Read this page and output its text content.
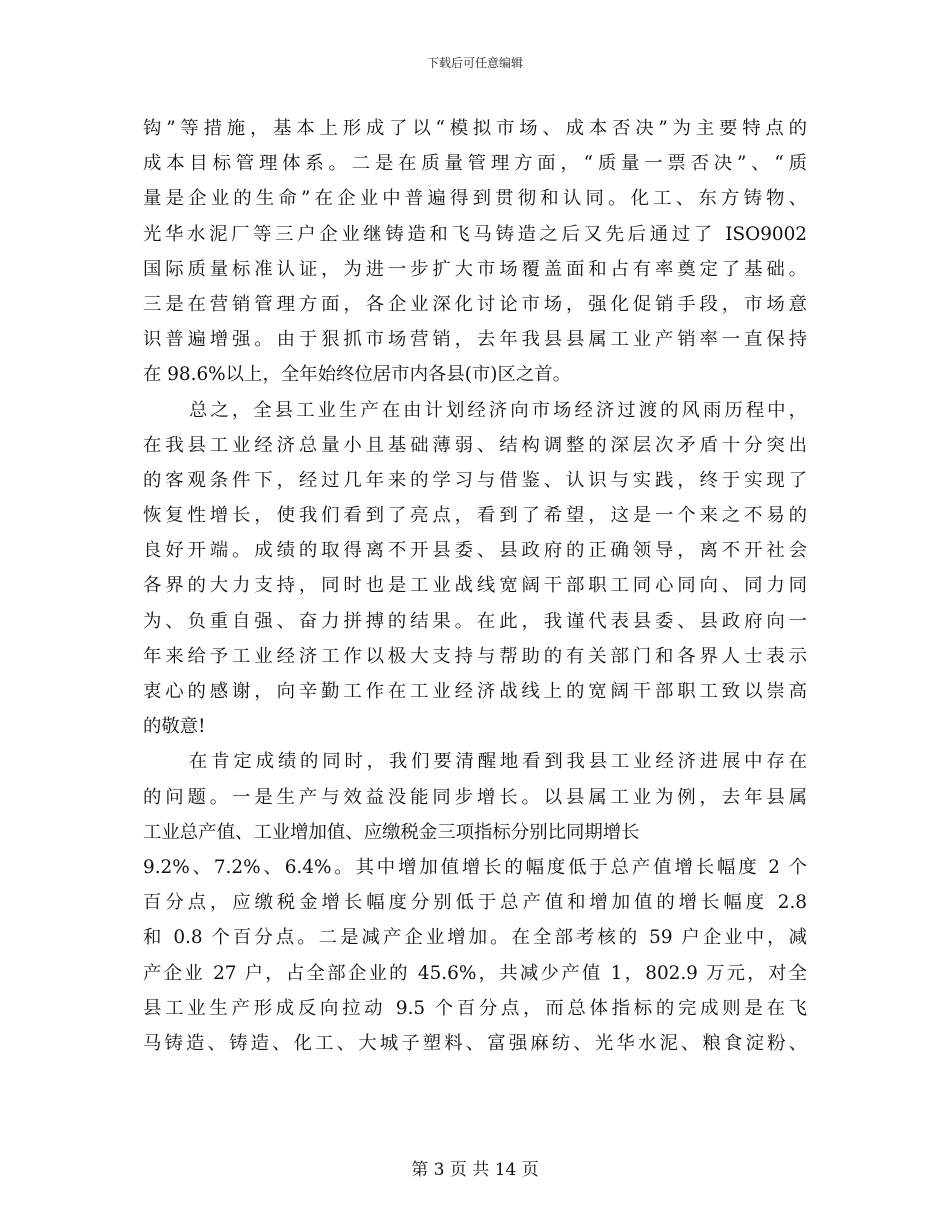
下载后可任意编辑
钩”等措施，基本上形成了以“模拟市场、成本否决”为主要特点的
成本目标管理体系。二是在质量管理方面，“质量一票否决”、“质
量是企业的生命”在企业中普遍得到贯彻和认同。化工、东方铸物、
光华水泥厂等三户企业继铸造和飞马铸造之后又先后通过了 ISO9002
国际质量标准认证，为进一步扩大市场覆盖面和占有率奠定了基础。
三是在营销管理方面，各企业深化讨论市场，强化促销手段，市场意
识普遍增强。由于狠抓市场营销，去年我县县属工业产销率一直保持
在 98.6%以上，全年始终位居市内各县(市)区之首。
总之，全县工业生产在由计划经济向市场经济过渡的风雨历程中，
在我县工业经济总量小且基础薄弱、结构调整的深层次矛盾十分突出
的客观条件下，经过几年来的学习与借鉴、认识与实践，终于实现了
恢复性增长，使我们看到了亮点，看到了希望，这是一个来之不易的
良好开端。成绩的取得离不开县委、县政府的正确领导，离不开社会
各界的大力支持，同时也是工业战线宽阔干部职工同心同向、同力同
为、负重自强、奋力拼搏的结果。在此，我谨代表县委、县政府向一
年来给予工业经济工作以极大支持与帮助的有关部门和各界人士表示
衷心的感谢，向辛勤工作在工业经济战线上的宽阔干部职工致以崇高
的敬意!
在肯定成绩的同时，我们要清醒地看到我县工业经济进展中存在
的问题。一是生产与效益没能同步增长。以县属工业为例，去年县属
工业总产值、工业增加值、应缴税金三项指标分别比同期增长
9.2%、7.2%、6.4%。其中增加值增长的幅度低于总产值增长幅度 2 个
百分点，应缴税金增长幅度分别低于总产值和增加值的增长幅度 2.8
和 0.8 个百分点。二是减产企业增加。在全部考核的 59 户企业中，减
产企业 27 户，占全部企业的 45.6%，共减少产值 1，802.9 万元，对全
县工业生产形成反向拉动 9.5 个百分点，而总体指标的完成则是在飞
马铸造、铸造、化工、大城子塑料、富强麻纺、光华水泥、粮食淀粉、
第 3 页 共 14 页
